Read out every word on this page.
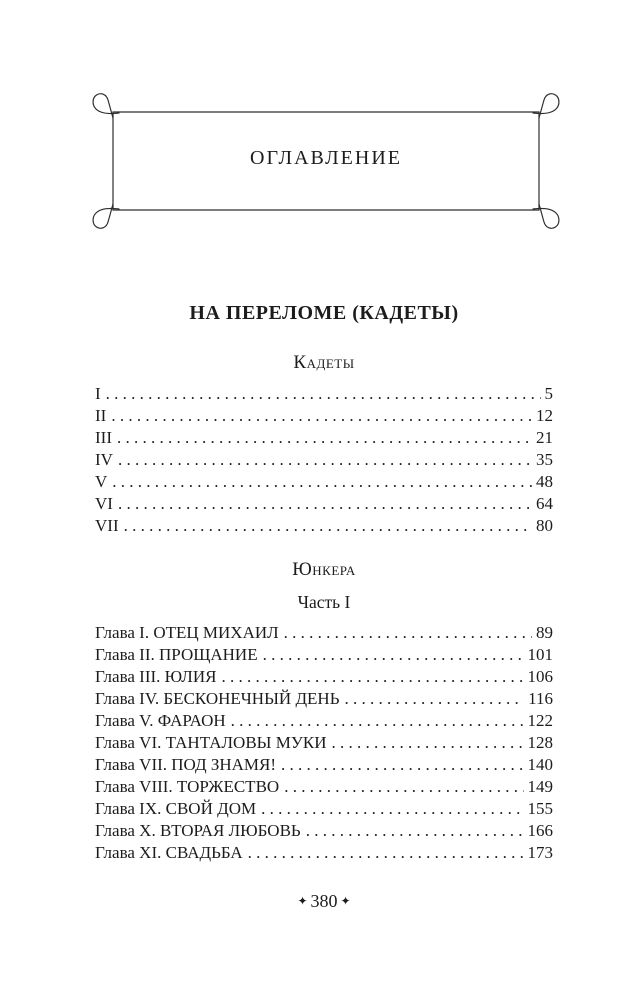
ОГЛАВЛЕНИЕ
НА ПЕРЕЛОМЕ (КАДЕТЫ)
Кадеты
I . . .	5
II . . .	12
III . . .	21
IV . . .	35
V . . .	48
VI . . .	64
VII . . .	80
Юнкера
Часть I
Глава I. ОТЕЦ МИХАИЛ . . .	89
Глава II. ПРОЩАНИЕ . . .	101
Глава III. ЮЛИЯ . . .	106
Глава IV. БЕСКОНЕЧНЫЙ ДЕНЬ . . .	116
Глава V. ФАРАОН . . .	122
Глава VI. ТАНТАЛОВЫ МУКИ . . .	128
Глава VII. ПОД ЗНАМЯ! . . .	140
Глава VIII. ТОРЖЕСТВО . . .	149
Глава IX. СВОЙ ДОМ . . .	155
Глава X. ВТОРАЯ ЛЮБОВЬ . . .	166
Глава XI. СВАДЬБА . . .	173
✦ 380 ✦
